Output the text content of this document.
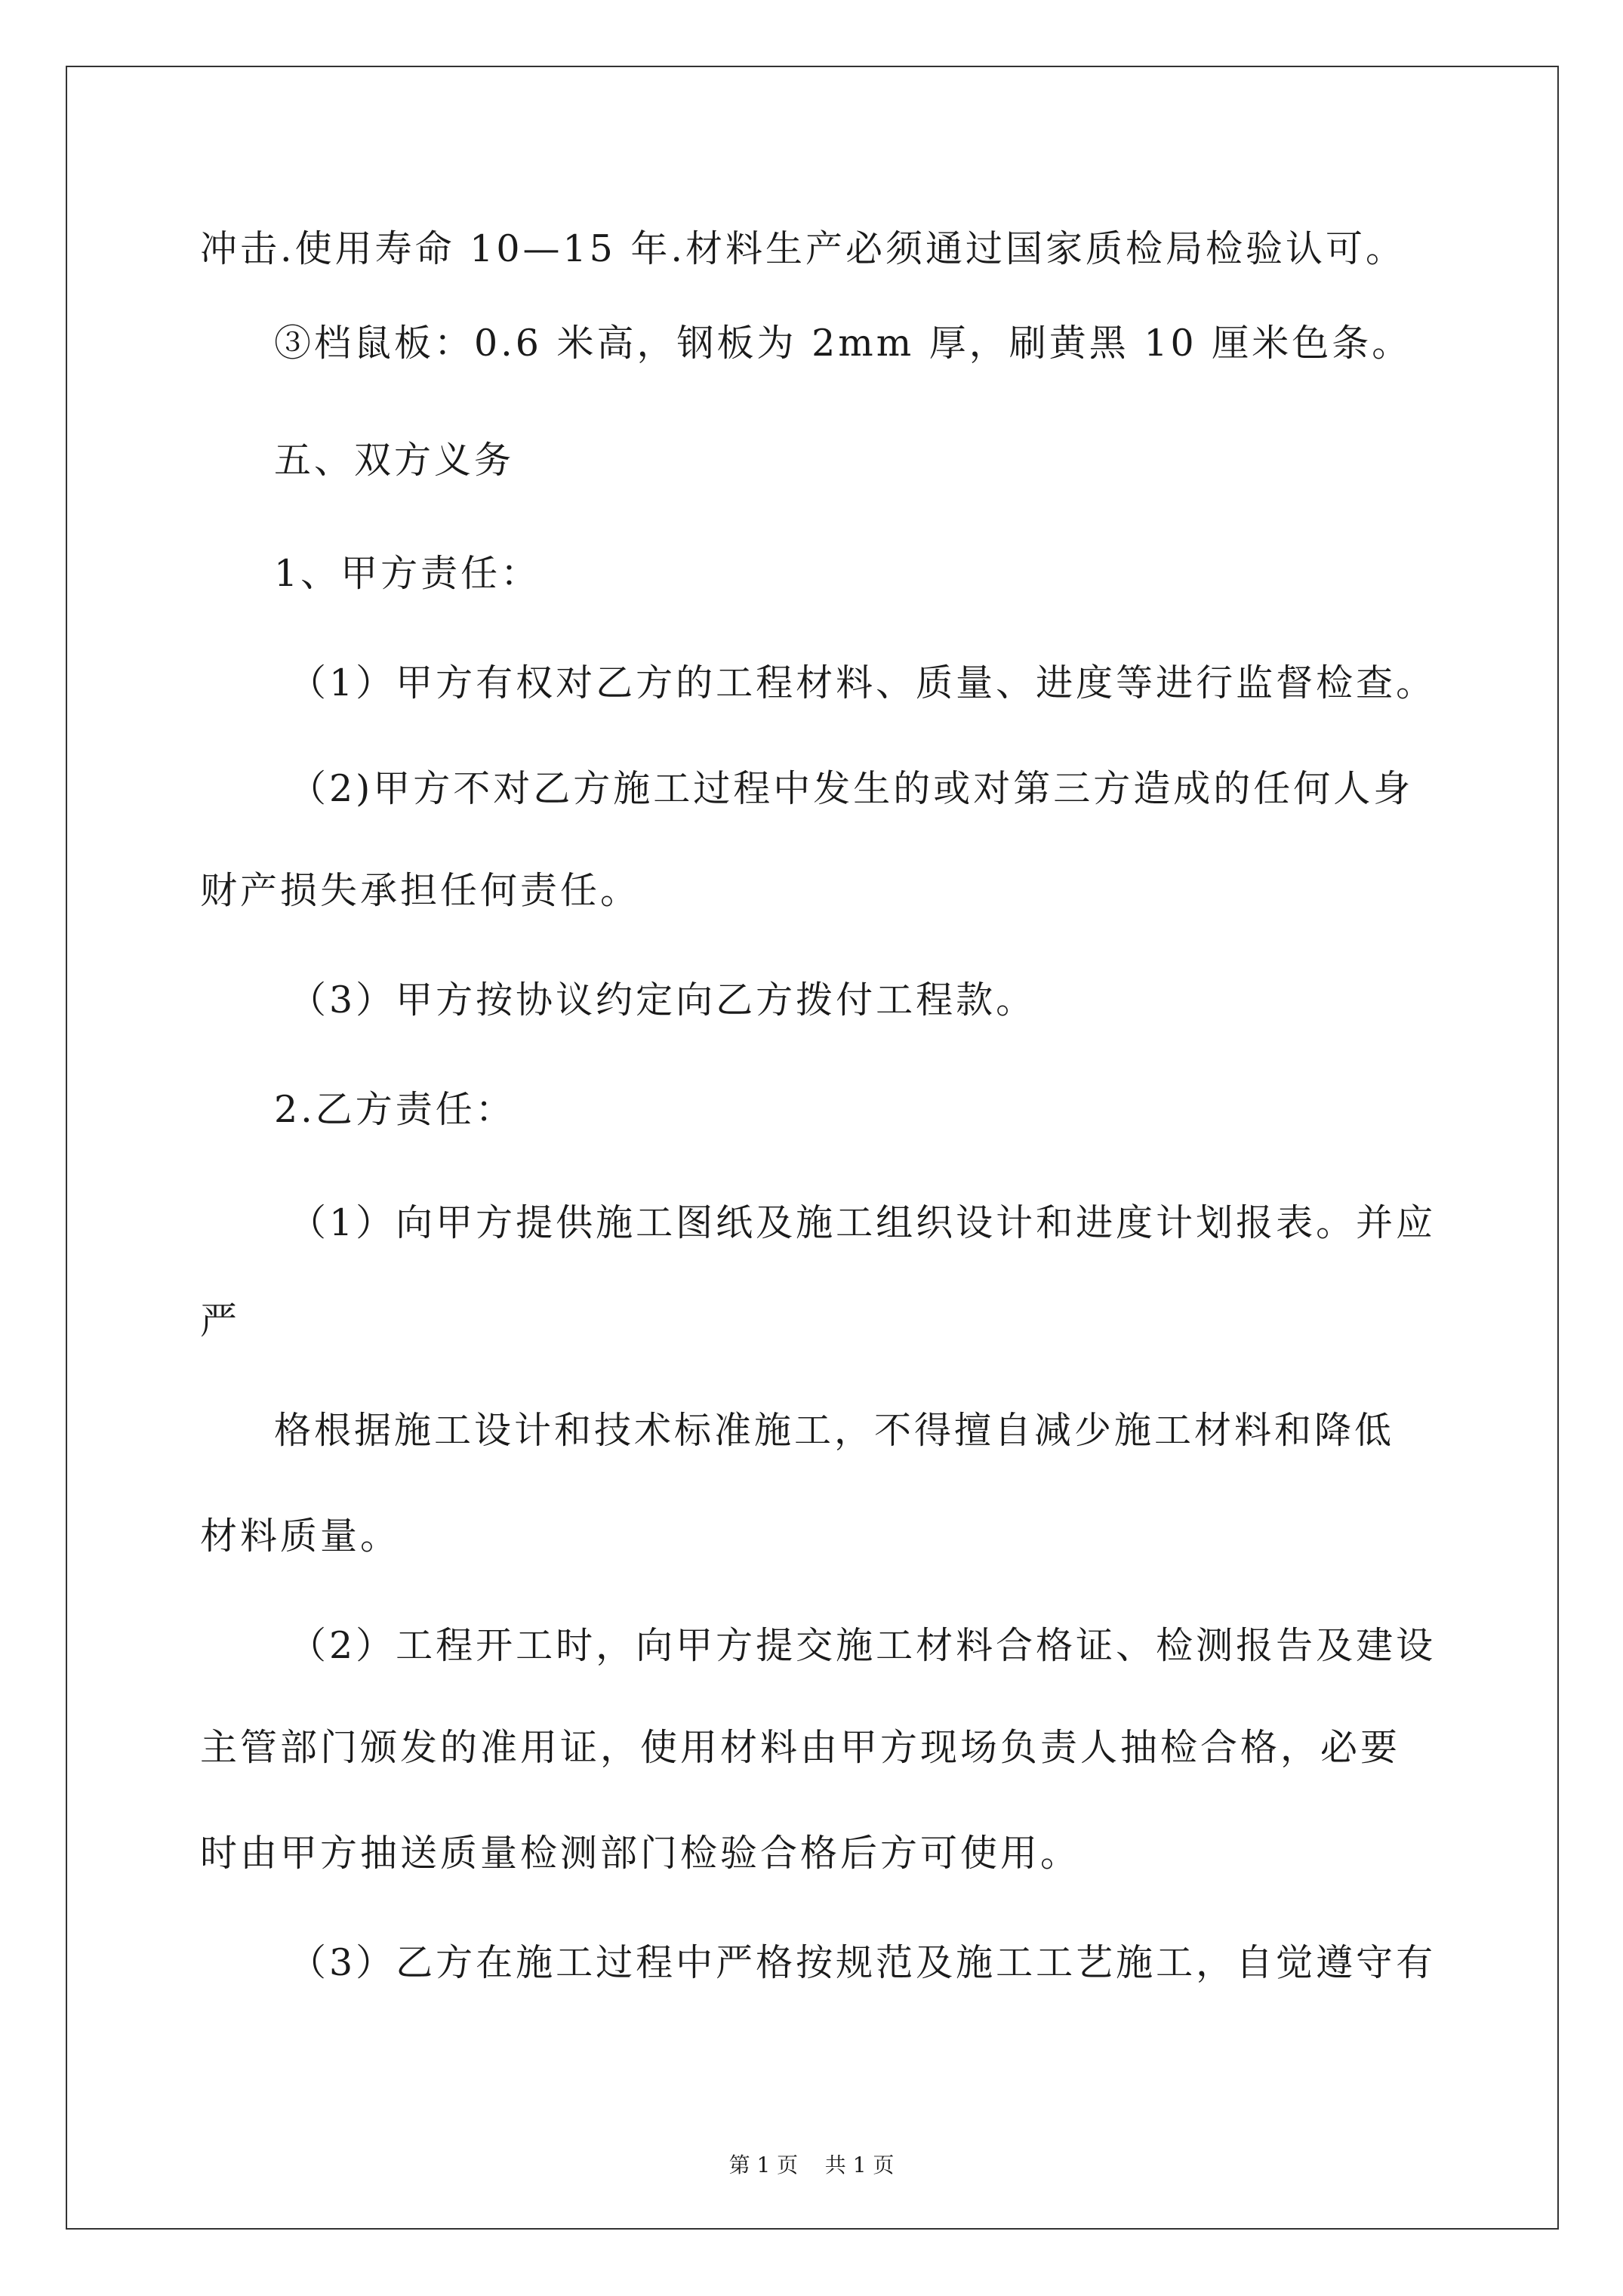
冲击.使用寿命 10—15 年.材料生产必须通过国家质检局检验认可。
③档鼠板：0.6 米高，钢板为 2mm 厚，刷黄黑 10 厘米色条。
五、双方义务
1、甲方责任：
（1）甲方有权对乙方的工程材料、质量、进度等进行监督检查。
（2)甲方不对乙方施工过程中发生的或对第三方造成的任何人身
财产损失承担任何责任。
（3）甲方按协议约定向乙方拨付工程款。
2.乙方责任：
（1）向甲方提供施工图纸及施工组织设计和进度计划报表。并应
严
格根据施工设计和技术标准施工，不得擅自减少施工材料和降低
材料质量。
（2）工程开工时，向甲方提交施工材料合格证、检测报告及建设
主管部门颁发的准用证，使用材料由甲方现场负责人抽检合格，必要
时由甲方抽送质量检测部门检验合格后方可使用。
（3）乙方在施工过程中严格按规范及施工工艺施工，自觉遵守有
第 1 页 共 1 页
